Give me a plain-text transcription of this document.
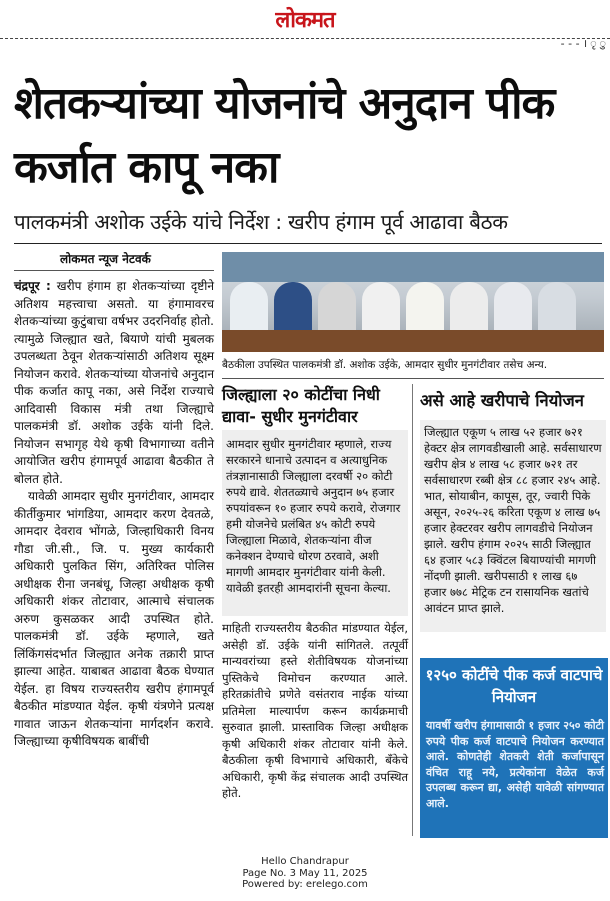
लोकमत
- - - । ृ ु
शेतकऱ्यांच्या योजनांचे अनुदान पीक कर्जात कापू नका
पालकमंत्री अशोक उईके यांचे निर्देश : खरीप हंगाम पूर्व आढावा बैठक
लोकमत न्यूज नेटवर्क

चंद्रपूर : खरीप हंगाम हा शेतकऱ्यांच्या दृष्टीने अतिशय महत्त्वाचा असतो. या हंगामावरच शेतकऱ्यांच्या कुटुंबाचा वर्षभर उदरनिर्वाह होतो. त्यामुळे जिल्ह्यात खते, बियाणे यांची मुबलक उपलब्धता ठेवून शेतकऱ्यांसाठी अतिशय सूक्ष्म नियोजन करावे. शेतकऱ्यांच्या योजनांचे अनुदान पीक कर्जात कापू नका, असे निर्देश राज्याचे आदिवासी विकास मंत्री तथा जिल्ह्याचे पालकमंत्री डॉ. अशोक उईके यांनी दिले. नियोजन सभागृह येथे कृषी विभागाच्या वतीने आयोजित खरीप हंगामपूर्व आढावा बैठकीत ते बोलत होते.

यावेळी आमदार सुधीर मुनगंटीवार, आमदार कीर्तीकुमार भांगडिया, आमदार करण देवतळे, आमदार देवराव भोंगळे, जिल्हाधिकारी विनय गौडा जी.सी., जि. प. मुख्य कार्यकारी अधिकारी पुलकित सिंग, अतिरिक्त पोलिस अधीक्षक रीना जनबंधू, जिल्हा अधीक्षक कृषी अधिकारी शंकर तोटावार, आत्माचे संचालक अरुण कुसळकर आदी उपस्थित होते. पालकमंत्री डॉ. उईके म्हणाले, खते लिंकिंगसंदर्भात जिल्ह्यात अनेक तक्रारी प्राप्त झाल्या आहेत. याबाबत आढावा बैठक घेण्यात येईल. हा विषय राज्यस्तरीय खरीप हंगामपूर्व बैठकीत मांडण्यात येईल. कृषी यंत्रणेने प्रत्यक्ष गावात जाऊन शेतकऱ्यांना मार्गदर्शन करावे. जिल्ह्याच्या कृषीविषयक बाबींची

बैठकीला उपस्थित पालकमंत्री डॉ. अशोक उईके, आमदार सुधीर मुनगंटीवार तसेच अन्य.
जिल्ह्याला २० कोटींचा निधी द्यावा- सुधीर मुनगंटीवार
आमदार सुधीर मुनगंटीवार म्हणाले, राज्य सरकारने धानाचे उत्पादन व अत्याधुनिक तंत्रज्ञानासाठी जिल्ह्याला दरवर्षी २० कोटी रुपये द्यावे. शेततळ्याचे अनुदान ७५ हजार रुपयांवरून १० हजार रुपये करावे, रोजगार हमी योजनेचे प्रलंबित ४५ कोटी रुपये जिल्ह्याला मिळावे, शेतकऱ्यांना वीज कनेक्शन देण्याचे धोरण ठरवावे, अशी मागणी आमदार मुनगंटीवार यांनी केली. यावेळी इतरही आमदारांनी सूचना केल्या.
माहिती राज्यस्तरीय बैठकीत मांडण्यात येईल, असेही डॉ. उईके यांनी सांगितले. तत्पूर्वी मान्यवरांच्या हस्ते शेतीविषयक योजनांच्या पुस्तिकेचे विमोचन करण्यात आले. हरितक्रांतीचे प्रणेते वसंतराव नाईक यांच्या प्रतिमेला माल्यार्पण करून कार्यक्रमाची सुरुवात झाली. प्रास्ताविक जिल्हा अधीक्षक कृषी अधिकारी शंकर तोटावार यांनी केले. बैठकीला कृषी विभागाचे अधिकारी, बँकेचे अधिकारी, कृषी केंद्र संचालक आदी उपस्थित होते.
असे आहे खरीपाचे नियोजन
जिल्ह्यात एकूण ५ लाख ५२ हजार ७२१ हेक्टर क्षेत्र लागवडीखाली आहे. सर्वसाधारण खरीप क्षेत्र ४ लाख ५८ हजार ७२१ तर सर्वसाधारण रब्बी क्षेत्र ८८ हजार २४५ आहे. भात, सोयाबीन, कापूस, तूर, ज्वारी पिके असून, २०२५-२६ करिता एकूण ४ लाख ७५ हजार हेक्टरवर खरीप लागवडीचे नियोजन झाले. खरीप हंगाम २०२५ साठी जिल्ह्यात ६४ हजार ५८३ क्विंटल बियाण्यांची मागणी नोंदणी झाली. खरीपसाठी १ लाख ६७ हजार ७७८ मेट्रिक टन रासायनिक खतांचे आवंटन प्राप्त झाले.
१२५० कोटींचे पीक कर्ज वाटपाचे नियोजन
यावर्षी खरीप हंगामासाठी १ हजार २५० कोटी रुपये पीक कर्ज वाटपाचे नियोजन करण्यात आले. कोणतेही शेतकरी शेती कर्जापासून वंचित राहू नये, प्रत्येकांना वेळेत कर्ज उपलब्ध करून द्या, असेही यावेळी सांगण्यात आले.
Hello Chandrapur
Page No. 3 May 11, 2025
Powered by: erelego.com
